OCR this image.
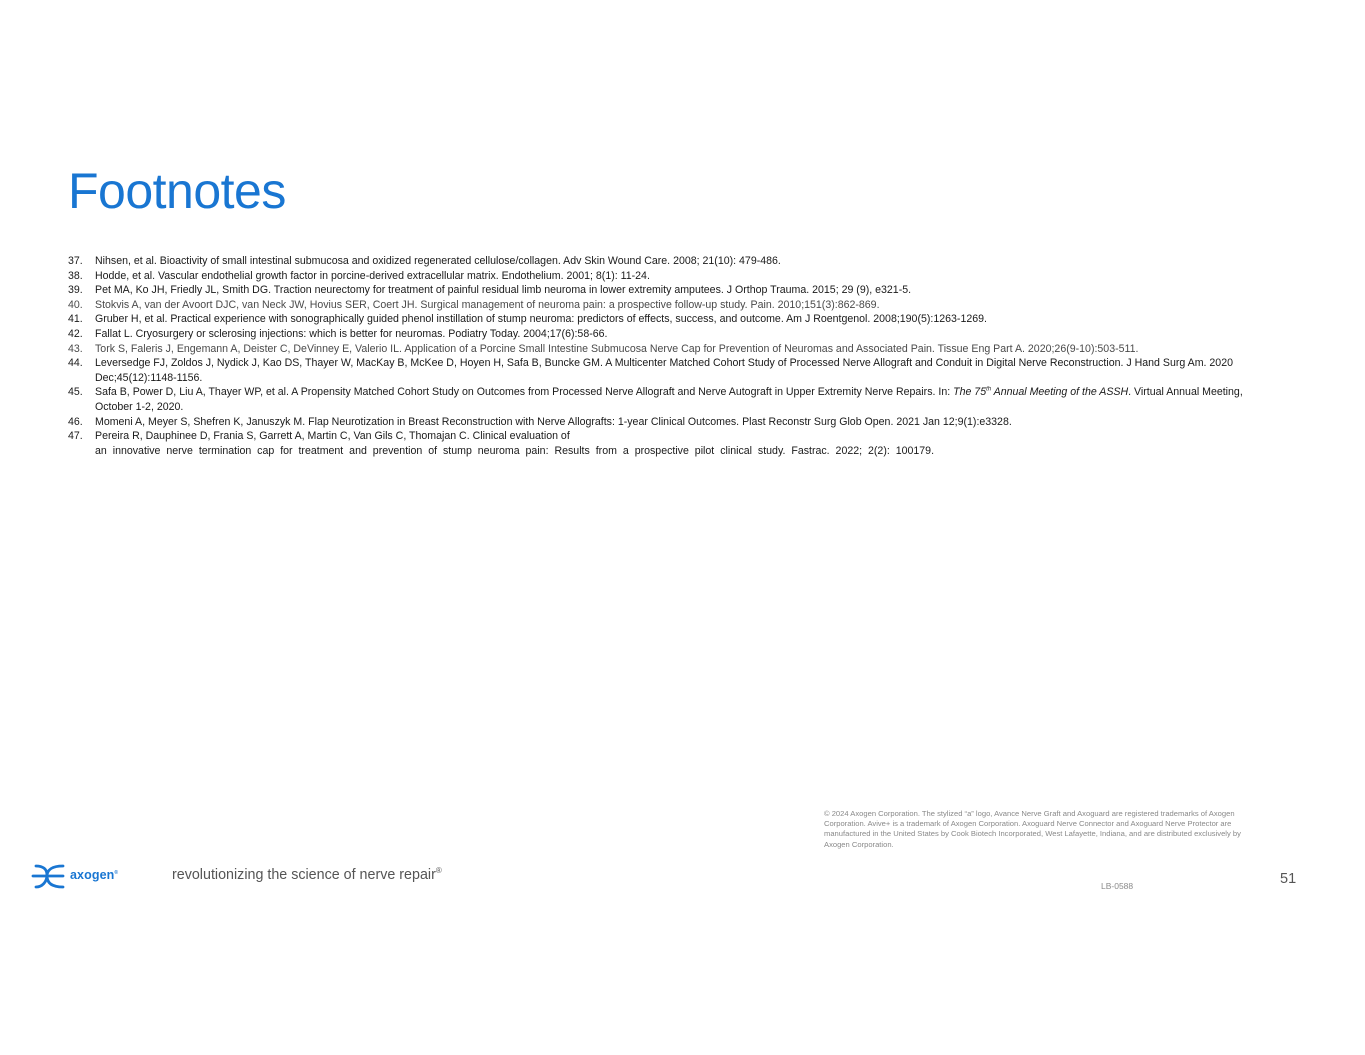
Footnotes
37. Nihsen, et al. Bioactivity of small intestinal submucosa and oxidized regenerated cellulose/collagen. Adv Skin Wound Care. 2008; 21(10): 479-486.
38. Hodde, et al. Vascular endothelial growth factor in porcine-derived extracellular matrix. Endothelium. 2001; 8(1): 11-24.
39. Pet MA, Ko JH, Friedly JL, Smith DG. Traction neurectomy for treatment of painful residual limb neuroma in lower extremity amputees. J Orthop Trauma. 2015; 29 (9), e321-5.
40. Stokvis A, van der Avoort DJC, van Neck JW, Hovius SER, Coert JH. Surgical management of neuroma pain: a prospective follow-up study. Pain. 2010;151(3):862-869.
41. Gruber H, et al. Practical experience with sonographically guided phenol instillation of stump neuroma: predictors of effects, success, and outcome. Am J Roentgenol. 2008;190(5):1263-1269.
42. Fallat L. Cryosurgery or sclerosing injections: which is better for neuromas. Podiatry Today. 2004;17(6):58-66.
43. Tork S, Faleris J, Engemann A, Deister C, DeVinney E, Valerio IL. Application of a Porcine Small Intestine Submucosa Nerve Cap for Prevention of Neuromas and Associated Pain. Tissue Eng Part A. 2020;26(9-10):503-511.
44. Leversedge FJ, Zoldos J, Nydick J, Kao DS, Thayer W, MacKay B, McKee D, Hoyen H, Safa B, Buncke GM. A Multicenter Matched Cohort Study of Processed Nerve Allograft and Conduit in Digital Nerve Reconstruction. J Hand Surg Am. 2020 Dec;45(12):1148-1156.
45. Safa B, Power D, Liu A, Thayer WP, et al. A Propensity Matched Cohort Study on Outcomes from Processed Nerve Allograft and Nerve Autograft in Upper Extremity Nerve Repairs. In: The 75th Annual Meeting of the ASSH. Virtual Annual Meeting, October 1-2, 2020.
46. Momeni A, Meyer S, Shefren K, Januszyk M. Flap Neurotization in Breast Reconstruction with Nerve Allografts: 1-year Clinical Outcomes. Plast Reconstr Surg Glob Open. 2021 Jan 12;9(1):e3328.
47. Pereira R, Dauphinee D, Frania S, Garrett A, Martin C, Van Gils C, Thomajan C. Clinical evaluation of
an innovative nerve termination cap for treatment and prevention of stump neuroma pain: Results from a prospective pilot clinical study. Fastrac. 2022; 2(2): 100179.

© 2024 Axogen Corporation. The stylized “a” logo, Avance Nerve Graft and Axoguard are registered trademarks of Axogen Corporation. Avive+ is a trademark of Axogen Corporation. Axoguard Nerve Connector and Axoguard Nerve Protector are manufactured in the United States by Cook Biotech Incorporated, West Lafayette, Indiana, and are distributed exclusively by Axogen Corporation.

axogen®	revolutionizing the science of nerve repair®

LB-0588	51
